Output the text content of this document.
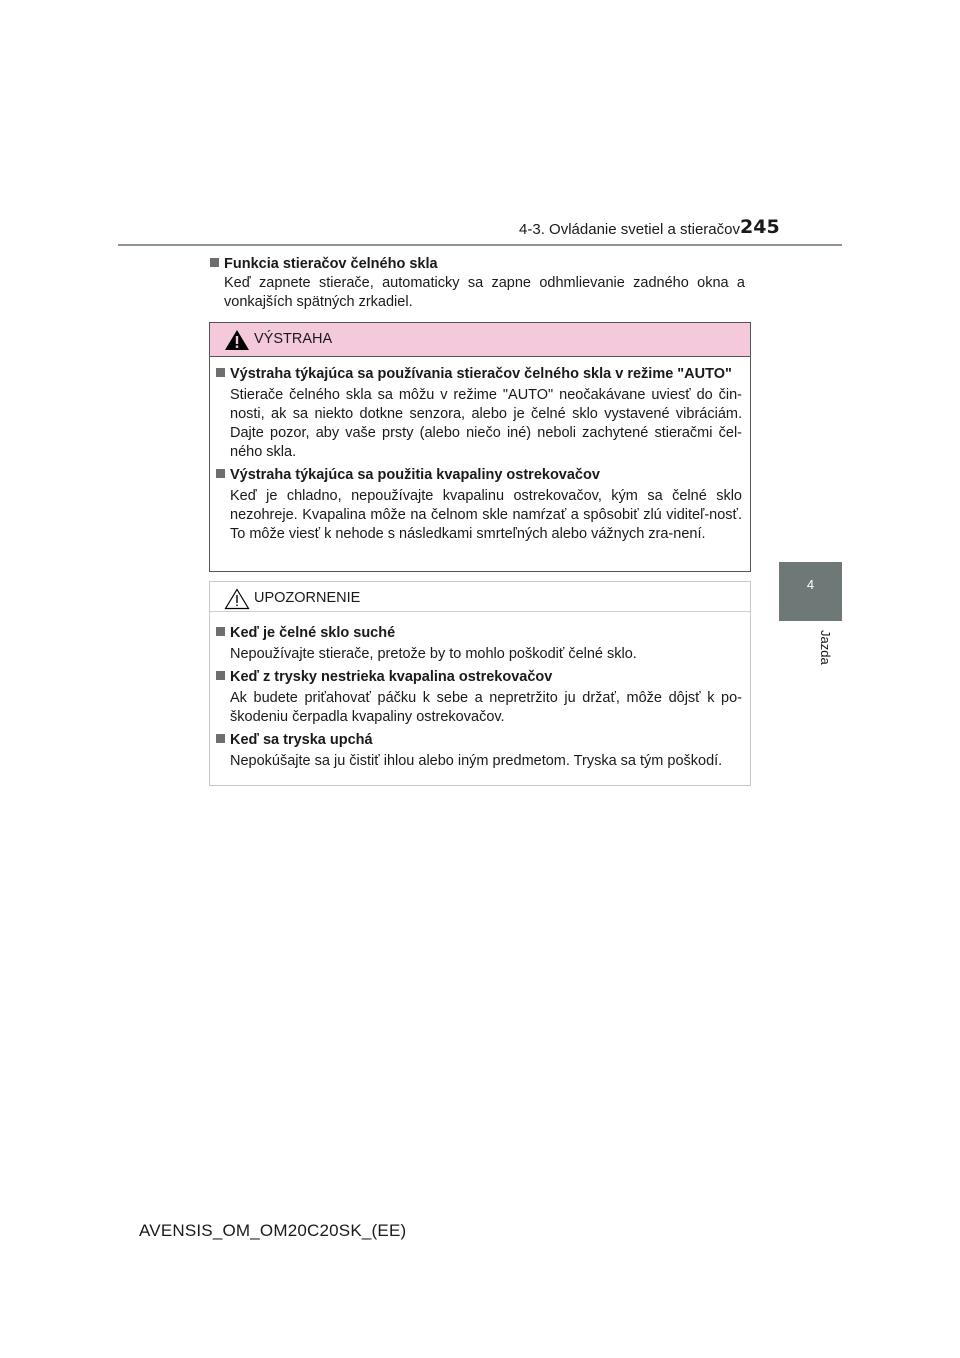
4-3. Ovládanie svetiel a stieračov 245
4
Jazda
Funkcia stieračov čelného skla
Keď zapnete stierače, automaticky sa zapne odhmlievanie zadného okna a vonkajších spätných zrkadiel.
VÝSTRAHA
Výstraha týkajúca sa používania stieračov čelného skla v režime "AUTO"
Stierače čelného skla sa môžu v režime "AUTO" neočakávane uviesť do čin-nosti, ak sa niekto dotkne senzora, alebo je čelné sklo vystavené vibráciám. Dajte pozor, aby vaše prsty (alebo niečo iné) neboli zachytené stieračmi čel-ného skla.
Výstraha týkajúca sa použitia kvapaliny ostrekovačov
Keď je chladno, nepoužívajte kvapalinu ostrekovačov, kým sa čelné sklo nezohreje. Kvapalina môže na čelnom skle namŕzať a spôsobiť zlú viditeľ-nosť. To môže viesť k nehode s následkami smrteľných alebo vážnych zra-není.
UPOZORNENIE
Keď je čelné sklo suché
Nepoužívajte stierače, pretože by to mohlo poškodiť čelné sklo.
Keď z trysky nestrieka kvapalina ostrekovačov
Ak budete priťahovať páčku k sebe a nepretržito ju držať, môže dôjsť k po-škodeniu čerpadla kvapaliny ostrekovačov.
Keď sa tryska upchá
Nepokúšajte sa ju čistiť ihlou alebo iným predmetom. Tryska sa tým poškodí.
AVENSIS_OM_OM20C20SK_(EE)
